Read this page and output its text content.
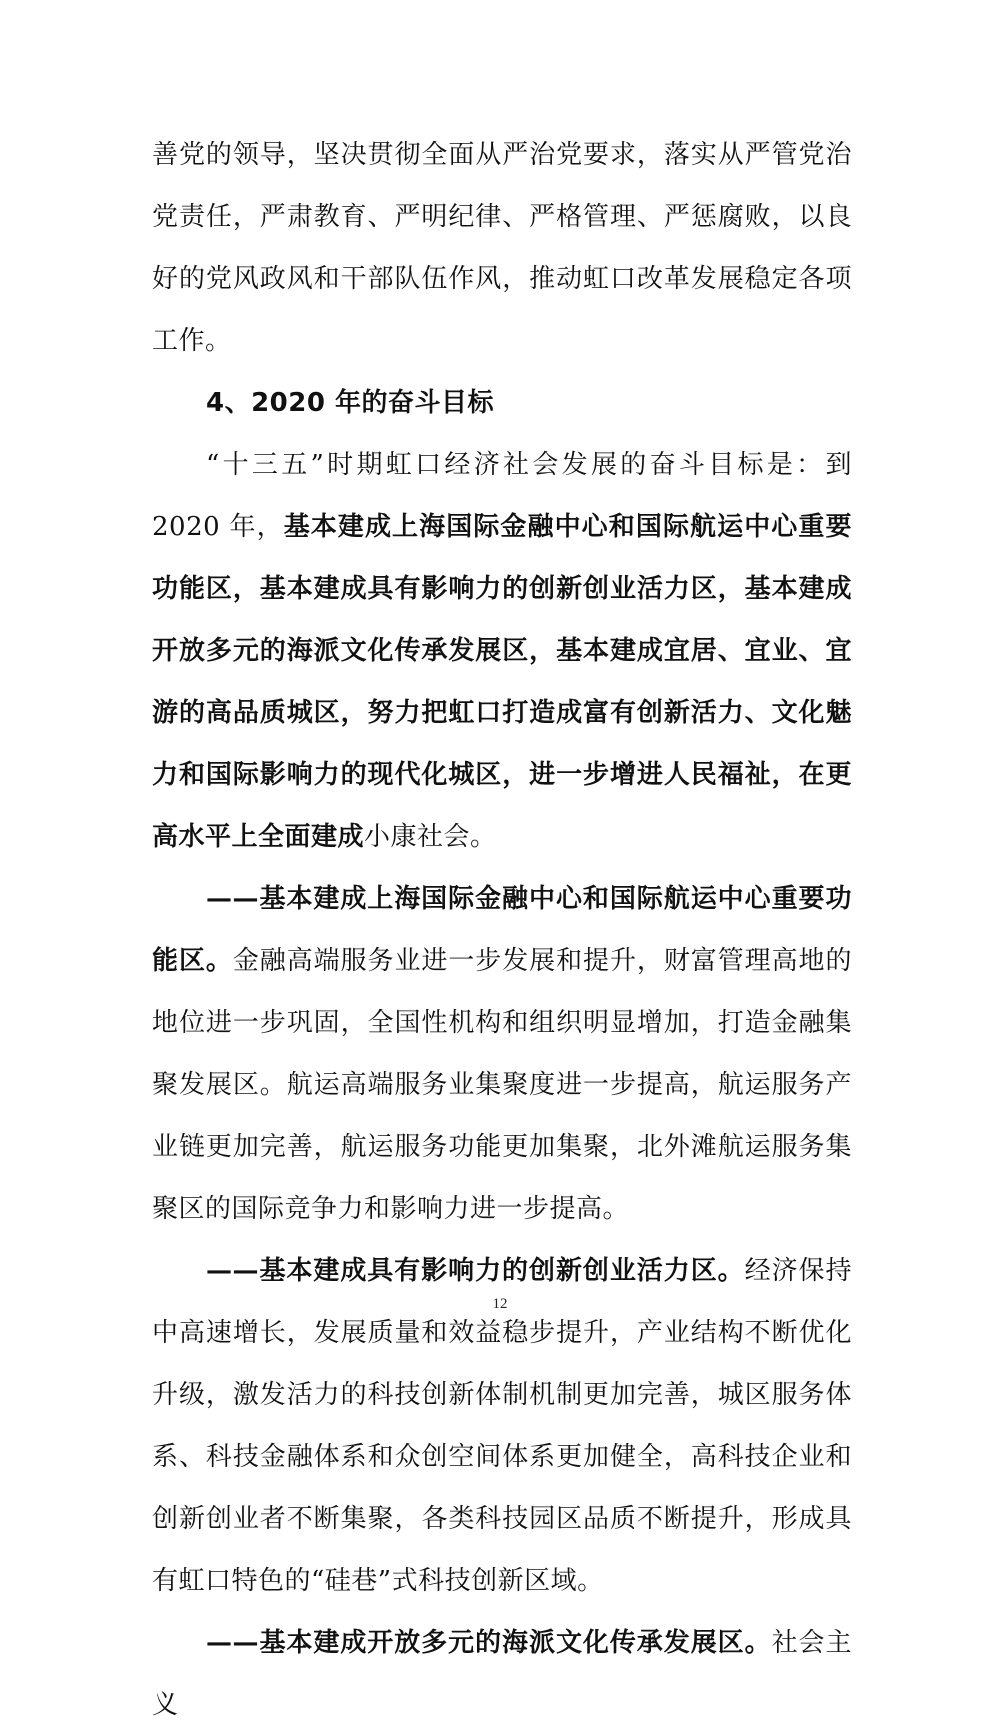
善党的领导，坚决贯彻全面从严治党要求，落实从严管党治党责任，严肃教育、严明纪律、严格管理、严惩腐败，以良好的党风政风和干部队伍作风，推动虹口改革发展稳定各项工作。

4、2020 年的奋斗目标

“十三五”时期虹口经济社会发展的奋斗目标是：到 2020 年，基本建成上海国际金融中心和国际航运中心重要功能区，基本建成具有影响力的创新创业活力区，基本建成开放多元的海派文化传承发展区，基本建成宜居、宜业、宜游的高品质城区，努力把虹口打造成富有创新活力、文化魅力和国际影响力的现代化城区，进一步增进人民福祉，在更高水平上全面建成小康社会。

——基本建成上海国际金融中心和国际航运中心重要功能区。金融高端服务业进一步发展和提升，财富管理高地的地位进一步巩固，全国性机构和组织明显增加，打造金融集聚发展区。航运高端服务业集聚度进一步提高，航运服务产业链更加完善，航运服务功能更加集聚，北外滩航运服务集聚区的国际竞争力和影响力进一步提高。

——基本建成具有影响力的创新创业活力区。经济保持中高速增长，发展质量和效益稳步提升，产业结构不断优化升级，激发活力的科技创新体制机制更加完善，城区服务体系、科技金融体系和众创空间体系更加健全，高科技企业和创新创业者不断集聚，各类科技园区品质不断提升，形成具有虹口特色的“硅巷”式科技创新区域。

——基本建成开放多元的海派文化传承发展区。社会主义

12
